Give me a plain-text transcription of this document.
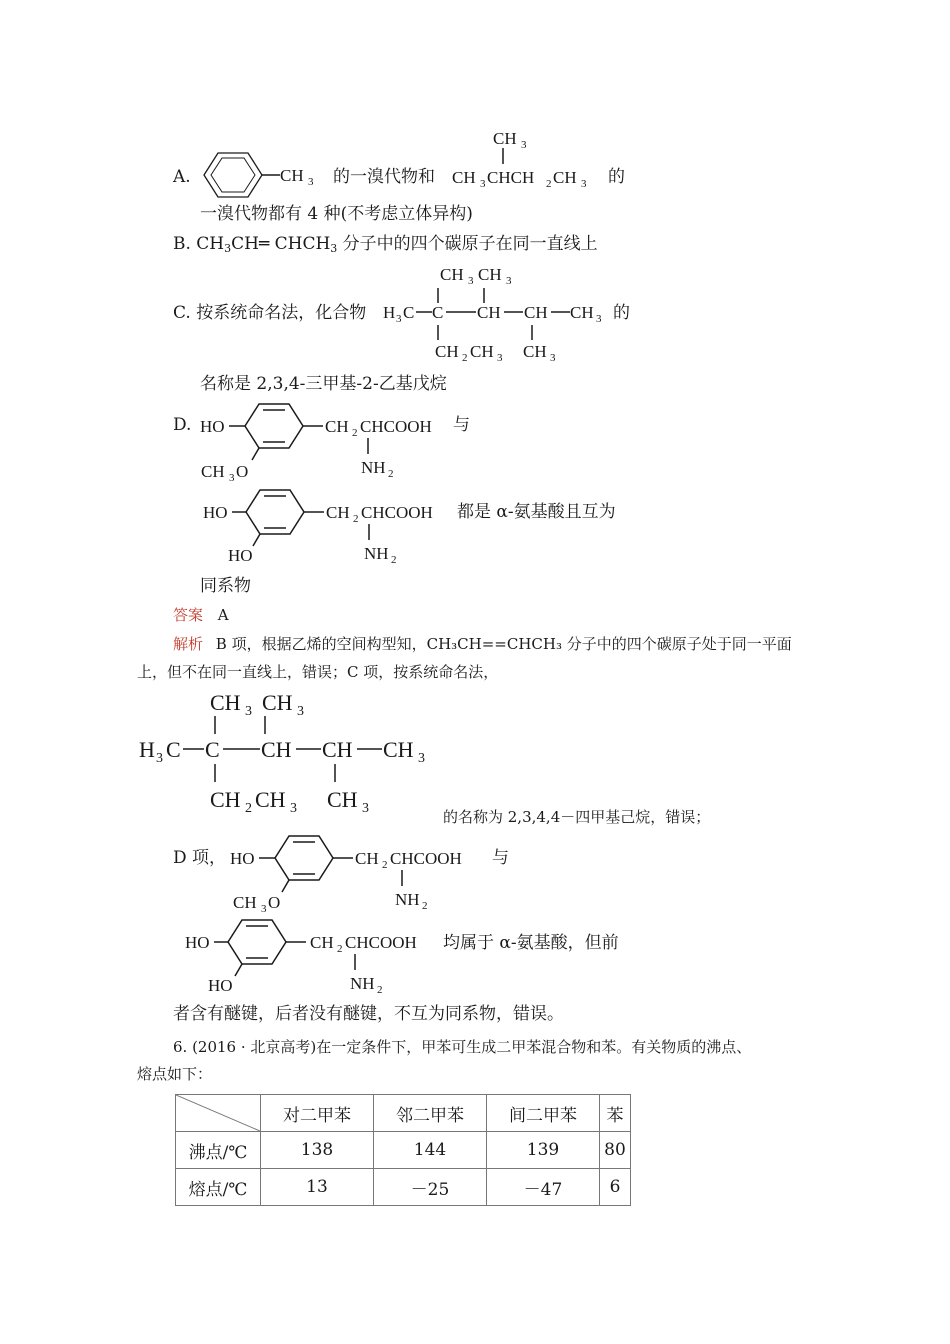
A.	CH 3 的一溴代物和
CH 3
CH 3 CHCH 2 CH 3 的
一溴代物都有 4 种(不考虑立体异构)
B. $CH_3CH═$ $CHCH_3$ 分子中的四个碳原子在同一直线上
C. 按系统命名法，化合物
CH 3 CH 3
H 3 C C CH CH CH 3
CH 2 CH 3 CH 3
的
名称是 2,3,4-三甲基-2-乙基戊烷
D. HO
CH 3 O
CH 2 CHCOOH
NH 2
与
HO
HO
CH 2 CHCOOH
NH 2
都是 α-氨基酸且互为
同系物
答案 A
解析 B 项，根据乙烯的空间构型知，CH₃CH==CHCH₃ 分子中的四个碳原子处于同一平面
上，但不在同一直线上，错误；C 项，按系统命名法，
CH 3 CH 3
H 3 C C CH CH CH 3
CH 2 CH 3 CH 3	的名称为 2,3,4,4－四甲基己烷，错误；
D 项， HO
CH 3 O
CH 2 CHCOOH
NH 2
与
HO
HO
CH 2 CHCOOH
NH 2
均属于 α-氨基酸，但前
者含有醚键，后者没有醚键，不互为同系物，错误。
6. (2016 · 北京高考)在一定条件下，甲苯可生成二甲苯混合物和苯。有关物质的沸点、
熔点如下：
	对二甲苯	邻二甲苯	间二甲苯	苯
沸点/℃	138	144	139	80
熔点/℃	13	－25	－47	6
